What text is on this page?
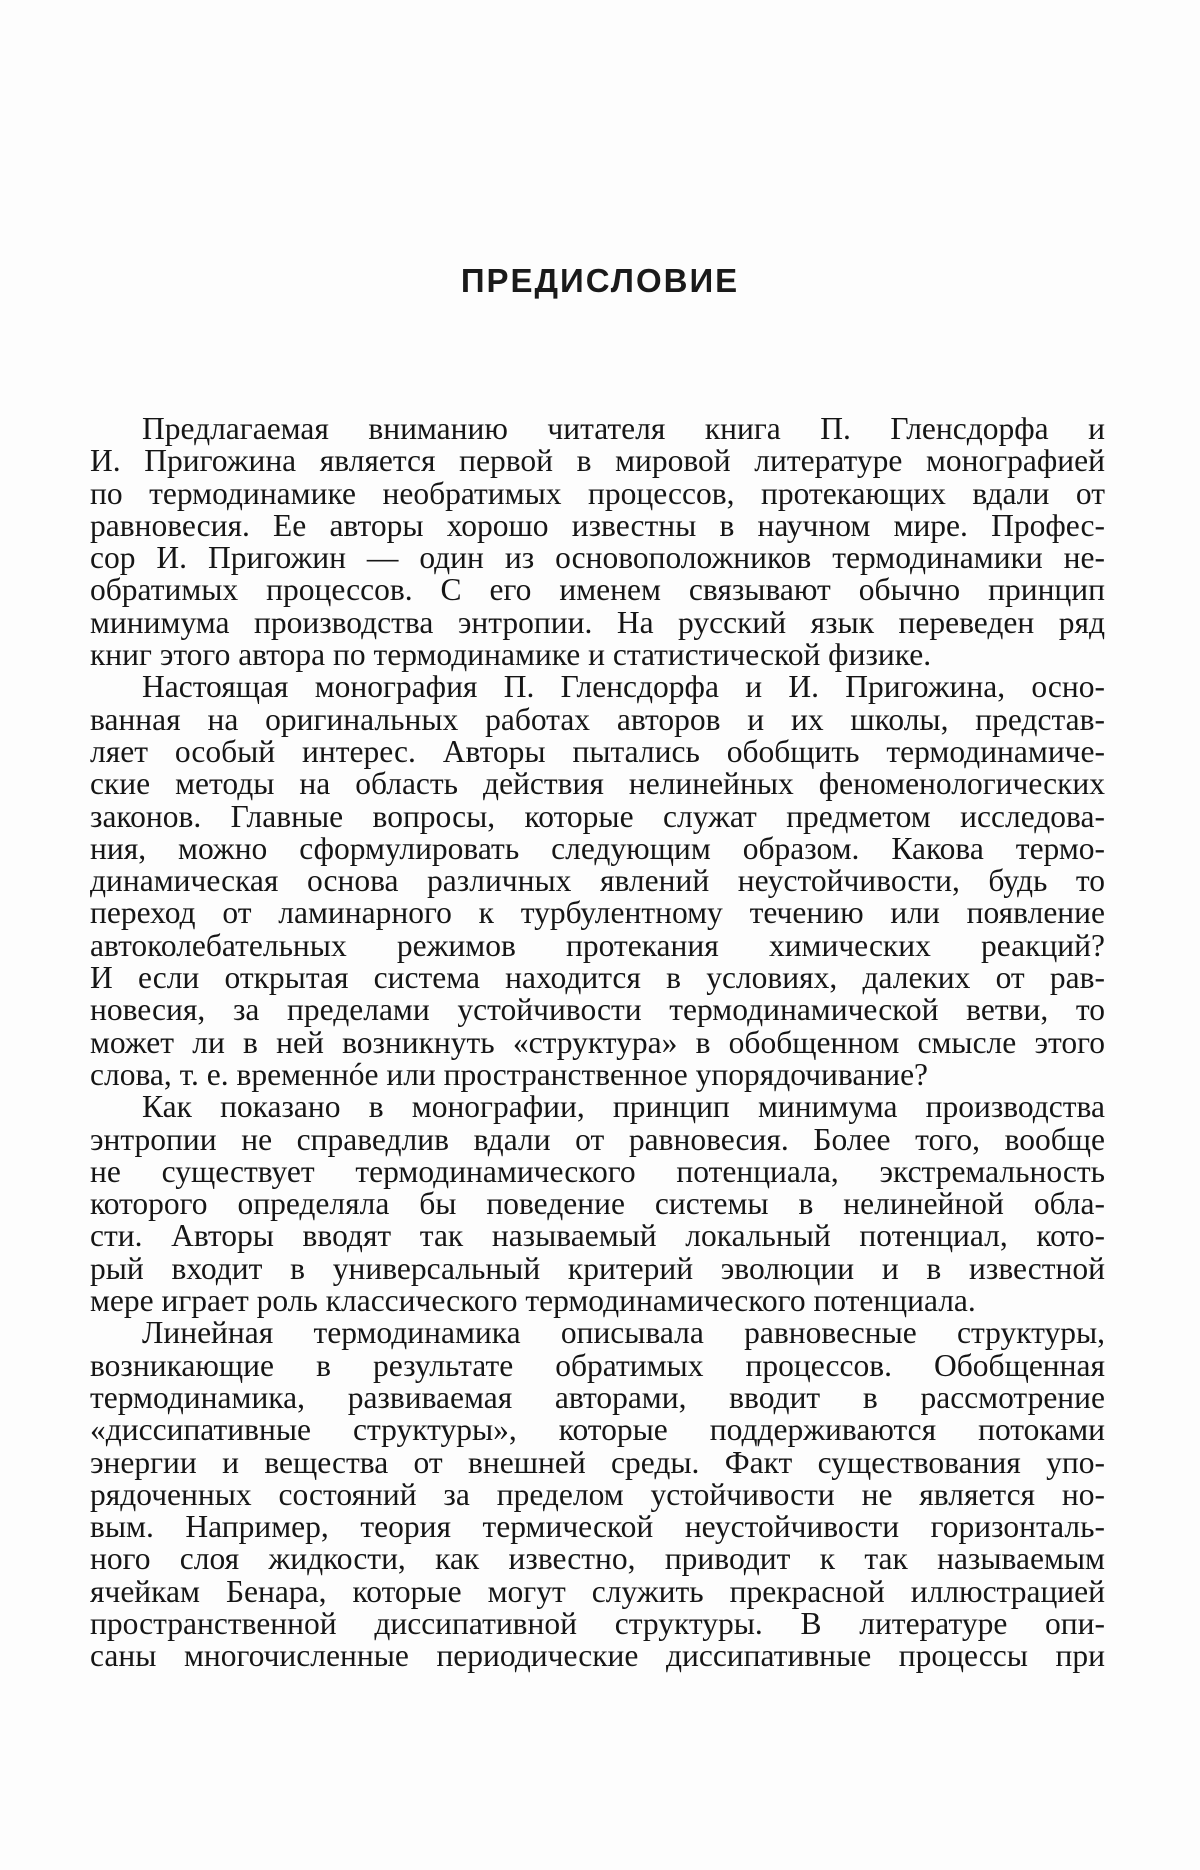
ПРЕДИСЛОВИЕ

Предлагаемая вниманию читателя книга П. Гленсдорфа и
И. Пригожина является первой в мировой литературе монографией
по термодинамике необратимых процессов, протекающих вдали от
равновесия. Ее авторы хорошо известны в научном мире. Профес-
сор И. Пригожин — один из основоположников термодинамики не-
обратимых процессов. С его именем связывают обычно принцип
минимума производства энтропии. На русский язык переведен ряд
книг этого автора по термодинамике и статистической физике.

Настоящая монография П. Гленсдорфа и И. Пригожина, осно-
ванная на оригинальных работах авторов и их школы, представ-
ляет особый интерес. Авторы пытались обобщить термодинамиче-
ские методы на область действия нелинейных феноменологических
законов. Главные вопросы, которые служат предметом исследова-
ния, можно сформулировать следующим образом. Какова термо-
динамическая основа различных явлений неустойчивости, будь то
переход от ламинарного к турбулентному течению или появление
автоколебательных режимов протекания химических реакций?
И если открытая система находится в условиях, далеких от рав-
новесия, за пределами устойчивости термодинамической ветви, то
может ли в ней возникнуть «структура» в обобщенном смысле этого
слова, т. е. временнóе или пространственное упорядочивание?

Как показано в монографии, принцип минимума производства
энтропии не справедлив вдали от равновесия. Более того, вообще
не существует термодинамического потенциала, экстремальность
которого определяла бы поведение системы в нелинейной обла-
сти. Авторы вводят так называемый локальный потенциал, кото-
рый входит в универсальный критерий эволюции и в известной
мере играет роль классического термодинамического потенциала.

Линейная термодинамика описывала равновесные структуры,
возникающие в результате обратимых процессов. Обобщенная
термодинамика, развиваемая авторами, вводит в рассмотрение
«диссипативные структуры», которые поддерживаются потоками
энергии и вещества от внешней среды. Факт существования упо-
рядоченных состояний за пределом устойчивости не является но-
вым. Например, теория термической неустойчивости горизонталь-
ного слоя жидкости, как известно, приводит к так называемым
ячейкам Бенара, которые могут служить прекрасной иллюстрацией
пространственной диссипативной структуры. В литературе опи-
саны многочисленные периодические диссипативные процессы при
